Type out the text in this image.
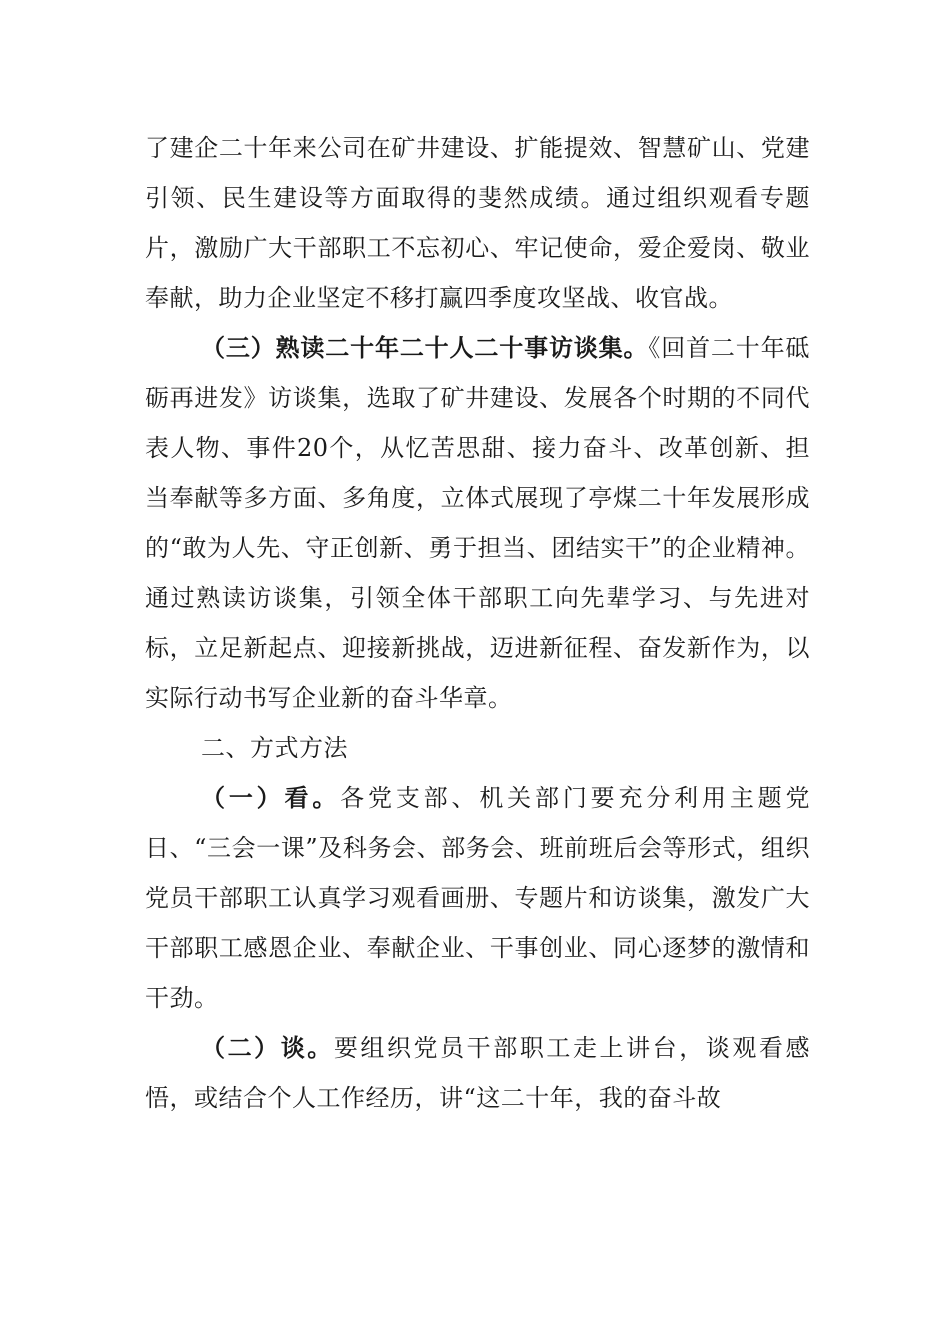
了建企二十年来公司在矿井建设、扩能提效、智慧矿山、党建引领、民生建设等方面取得的斐然成绩。通过组织观看专题片，激励广大干部职工不忘初心、牢记使命，爱企爱岗、敬业奉献，助力企业坚定不移打赢四季度攻坚战、收官战。

（三）熟读二十年二十人二十事访谈集。《回首二十年砥砺再进发》访谈集，选取了矿井建设、发展各个时期的不同代表人物、事件20个，从忆苦思甜、接力奋斗、改革创新、担当奉献等多方面、多角度，立体式展现了亭煤二十年发展形成的“敢为人先、守正创新、勇于担当、团结实干”的企业精神。通过熟读访谈集，引领全体干部职工向先辈学习、与先进对标，立足新起点、迎接新挑战，迈进新征程、奋发新作为，以实际行动书写企业新的奋斗华章。

二、方式方法

（一）看。各党支部、机关部门要充分利用主题党日、“三会一课”及科务会、部务会、班前班后会等形式，组织党员干部职工认真学习观看画册、专题片和访谈集，激发广大干部职工感恩企业、奉献企业、干事创业、同心逐梦的激情和干劲。

（二）谈。要组织党员干部职工走上讲台，谈观看感悟，或结合个人工作经历，讲“这二十年，我的奋斗故
